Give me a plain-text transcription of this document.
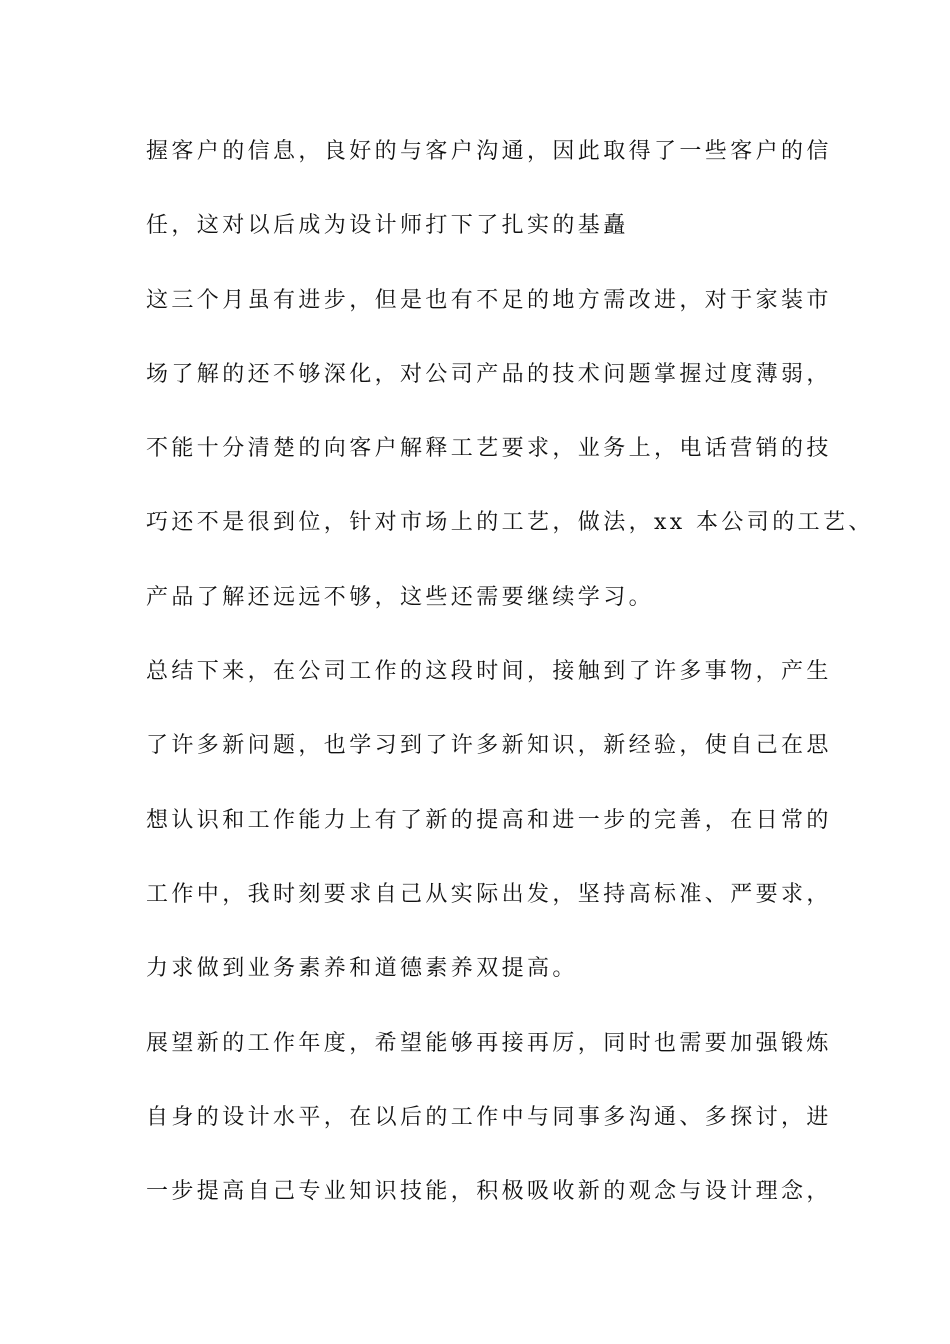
握客户的信息，良好的与客户沟通，因此取得了一些客户的信
任，这对以后成为设计师打下了扎实的基矗
这三个月虽有进步，但是也有不足的地方需改进，对于家装市
场了解的还不够深化，对公司产品的技术问题掌握过度薄弱，
不能十分清楚的向客户解释工艺要求，业务上，电话营销的技
巧还不是很到位，针对市场上的工艺，做法，xx 本公司的工艺、
产品了解还远远不够，这些还需要继续学习。
总结下来，在公司工作的这段时间，接触到了许多事物，产生
了许多新问题，也学习到了许多新知识，新经验，使自己在思
想认识和工作能力上有了新的提高和进一步的完善，在日常的
工作中，我时刻要求自己从实际出发，坚持高标准、严要求，
力求做到业务素养和道德素养双提高。
展望新的工作年度，希望能够再接再厉，同时也需要加强锻炼
自身的设计水平，在以后的工作中与同事多沟通、多探讨，进
一步提高自己专业知识技能，积极吸收新的观念与设计理念，
